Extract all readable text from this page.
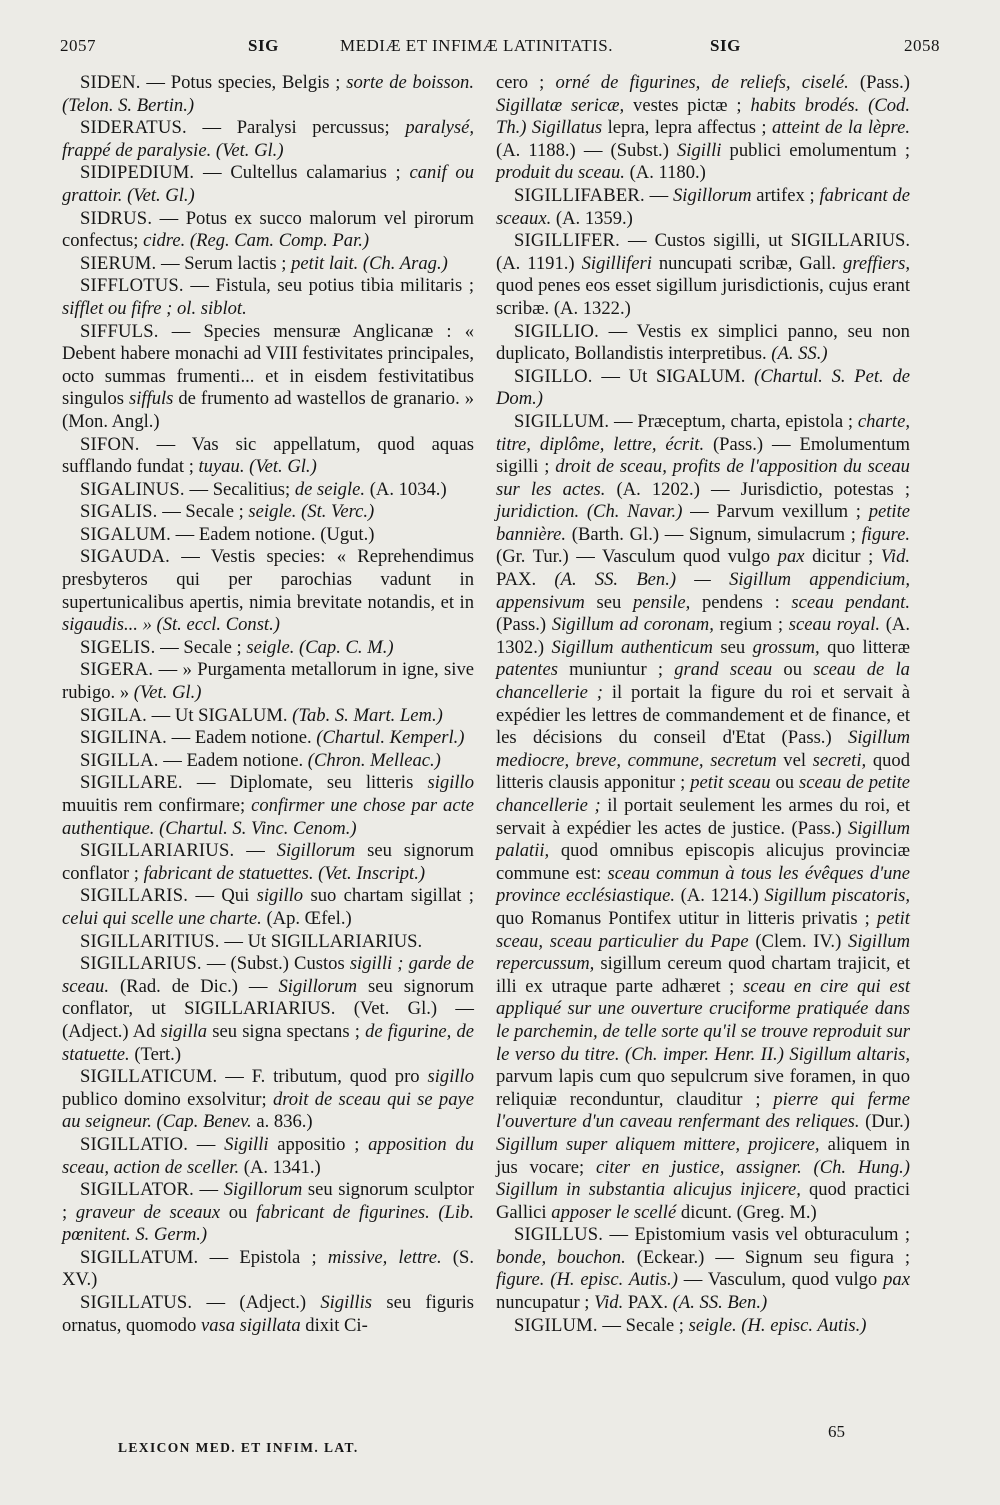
2057	SIG	MEDIÆ ET INFIMÆ LATINITATIS.	SIG	2058

SIDEN. — Potus species, Belgis ; sorte de boisson. (Telon. S. Bertin.)

SIDERATUS. — Paralysi percussus; paralysé, frappé de paralysie. (Vet. Gl.)

SIDIPEDIUM. — Cultellus calamarius ; canif ou grattoir. (Vet. Gl.)

SIDRUS. — Potus ex succo malorum vel pirorum confectus; cidre. (Reg. Cam. Comp. Par.)

SIERUM. — Serum lactis ; petit lait. (Ch. Arag.)

SIFFLOTUS. — Fistula, seu potius tibia militaris ; sifflet ou fifre ; ol. siblot.

SIFFULS. — Species mensuræ Anglicanæ : « Debent habere monachi ad VIII festivitates principales, octo summas frumenti... et in eisdem festivitatibus singulos siffuls de frumento ad wastellos de granario. » (Mon. Angl.)

SIFON. — Vas sic appellatum, quod aquas sufflando fundat ; tuyau. (Vet. Gl.)

SIGALINUS. — Secalitius; de seigle. (A. 1034.)

SIGALIS. — Secale ; seigle. (St. Verc.)

SIGALUM. — Eadem notione. (Ugut.)

SIGAUDA. — Vestis species: « Reprehendimus presbyteros qui per parochias vadunt in supertunicalibus apertis, nimia brevitate notandis, et in sigaudis... » (St. eccl. Const.)

SIGELIS. — Secale ; seigle. (Cap. C. M.)

SIGERA. — » Purgamenta metallorum in igne, sive rubigo. » (Vet. Gl.)

SIGILA. — Ut SIGALUM. (Tab. S. Mart. Lem.)

SIGILINA. — Eadem notione. (Chartul. Kemperl.)

SIGILLA. — Eadem notione. (Chron. Melleac.)

SIGILLARE. — Diplomate, seu litteris sigillo muuitis rem confirmare; confirmer une chose par acte authentique. (Chartul. S. Vinc. Cenom.)

SIGILLARIARIUS. — Sigillorum seu signorum conflator ; fabricant de statuettes. (Vet. Inscript.)

SIGILLARIS. — Qui sigillo suo chartam sigillat ; celui qui scelle une charte. (Ap. Œfel.)

SIGILLARITIUS. — Ut SIGILLARIARIUS.

SIGILLARIUS. — (Subst.) Custos sigilli ; garde de sceau. (Rad. de Dic.) — Sigillorum seu signorum conflator, ut SIGILLARIARIUS. (Vet. Gl.) — (Adject.) Ad sigilla seu signa spectans ; de figurine, de statuette. (Tert.)

SIGILLATICUM. — F. tributum, quod pro sigillo publico domino exsolvitur; droit de sceau qui se paye au seigneur. (Cap. Benev. a. 836.)

SIGILLATIO. — Sigilli appositio ; apposition du sceau, action de sceller. (A. 1341.)

SIGILLATOR. — Sigillorum seu signorum sculptor ; graveur de sceaux ou fabricant de figurines. (Lib. pœnitent. S. Germ.)

SIGILLATUM. — Epistola ; missive, lettre. (S. XV.)

SIGILLATUS. — (Adject.) Sigillis seu figuris ornatus, quomodo vasa sigillata dixit Ci-

cero ; orné de figurines, de reliefs, ciselé. (Pass.) Sigillatæ sericæ, vestes pictæ ; habits brodés. (Cod. Th.) Sigillatus lepra, lepra affectus ; atteint de la lèpre. (A. 1188.) — (Subst.) Sigilli publici emolumentum ; produit du sceau. (A. 1180.)

SIGILLIFABER. — Sigillorum artifex ; fabricant de sceaux. (A. 1359.)

SIGILLIFER. — Custos sigilli, ut SIGILLARIUS. (A. 1191.) Sigilliferi nuncupati scribæ, Gall. greffiers, quod penes eos esset sigillum jurisdictionis, cujus erant scribæ. (A. 1322.)

SIGILLIO. — Vestis ex simplici panno, seu non duplicato, Bollandistis interpretibus. (A. SS.)

SIGILLO. — Ut SIGALUM. (Chartul. S. Pet. de Dom.)

SIGILLUM. — Præceptum, charta, epistola ; charte, titre, diplôme, lettre, écrit. (Pass.) — Emolumentum sigilli ; droit de sceau, profits de l'apposition du sceau sur les actes. (A. 1202.) — Jurisdictio, potestas ; juridiction. (Ch. Navar.) — Parvum vexillum ; petite bannière. (Barth. Gl.) — Signum, simulacrum ; figure. (Gr. Tur.) — Vasculum quod vulgo pax dicitur ; Vid. PAX. (A. SS. Ben.) — Sigillum appendicium, appensivum seu pensile, pendens : sceau pendant. (Pass.) Sigillum ad coronam, regium ; sceau royal. (A. 1302.) Sigillum authenticum seu grossum, quo litteræ patentes muniuntur ; grand sceau ou sceau de la chancellerie ; il portait la figure du roi et servait à expédier les lettres de commandement et de finance, et les décisions du conseil d'Etat (Pass.) Sigillum mediocre, breve, commune, secretum vel secreti, quod litteris clausis apponitur ; petit sceau ou sceau de petite chancellerie ; il portait seulement les armes du roi, et servait à expédier les actes de justice. (Pass.) Sigillum palatii, quod omnibus episcopis alicujus provinciæ commune est: sceau commun à tous les évêques d'une province ecclésiastique. (A. 1214.) Sigillum piscatoris, quo Romanus Pontifex utitur in litteris privatis ; petit sceau, sceau particulier du Pape (Clem. IV.) Sigillum repercussum, sigillum cereum quod chartam trajicit, et illi ex utraque parte adhæret ; sceau en cire qui est appliqué sur une ouverture cruciforme pratiquée dans le parchemin, de telle sorte qu'il se trouve reproduit sur le verso du titre. (Ch. imper. Henr. II.) Sigillum altaris, parvum lapis cum quo sepulcrum sive foramen, in quo reliquiæ reconduntur, clauditur ; pierre qui ferme l'ouverture d'un caveau renfermant des reliques. (Dur.) Sigillum super aliquem mittere, projicere, aliquem in jus vocare; citer en justice, assigner. (Ch. Hung.) Sigillum in substantia alicujus injicere, quod practici Gallici apposer le scellé dicunt. (Greg. M.)

SIGILLUS. — Epistomium vasis vel obturaculum ; bonde, bouchon. (Eckear.) — Signum seu figura ; figure. (H. episc. Autis.) — Vasculum, quod vulgo pax nuncupatur ; Vid. PAX. (A. SS. Ben.)

SIGILUM. — Secale ; seigle. (H. episc. Autis.)

LEXICON MED. ET INFIM. LAT.
65
